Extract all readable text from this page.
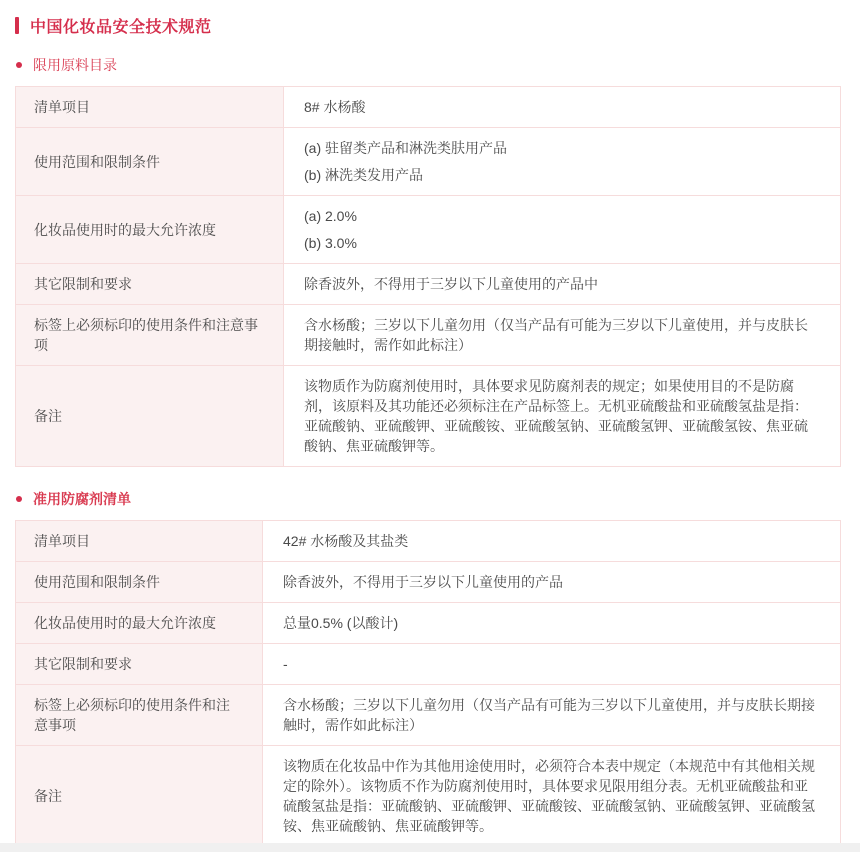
中国化妆品安全技术规范
限用原料目录
清单项目	8# 水杨酸

使用范围和限制条件	(a) 驻留类产品和淋洗类肤用产品
(b) 淋洗类发用产品

化妆品使用时的最大允许浓度	(a) 2.0%
(b) 3.0%

其它限制和要求	除香波外，不得用于三岁以下儿童使用的产品中

标签上必须标印的使用条件和注意事项	含水杨酸；三岁以下儿童勿用（仅当产品有可能为三岁以下儿童使用，并与皮肤长期接触时，需作如此标注）

备注	该物质作为防腐剂使用时，具体要求见防腐剂表的规定；如果使用目的不是防腐剂，该原料及其功能还必须标注在产品标签上。无机亚硫酸盐和亚硫酸氢盐是指：亚硫酸钠、亚硫酸钾、亚硫酸铵、亚硫酸氢钠、亚硫酸氢钾、亚硫酸氢铵、焦亚硫酸钠、焦亚硫酸钾等。
准用防腐剂清单
清单项目	42# 水杨酸及其盐类

使用范围和限制条件	除香波外，不得用于三岁以下儿童使用的产品

化妆品使用时的最大允许浓度	总量0.5% (以酸计)

其它限制和要求	-

标签上必须标印的使用条件和注意事项	含水杨酸；三岁以下儿童勿用（仅当产品有可能为三岁以下儿童使用，并与皮肤长期接触时，需作如此标注）

备注	该物质在化妆品中作为其他用途使用时，必须符合本表中规定（本规范中有其他相关规定的除外）。该物质不作为防腐剂使用时，具体要求见限用组分表。无机亚硫酸盐和亚硫酸氢盐是指：亚硫酸钠、亚硫酸钾、亚硫酸铵、亚硫酸氢钠、亚硫酸氢钾、亚硫酸氢铵、焦亚硫酸钠、焦亚硫酸钾等。
